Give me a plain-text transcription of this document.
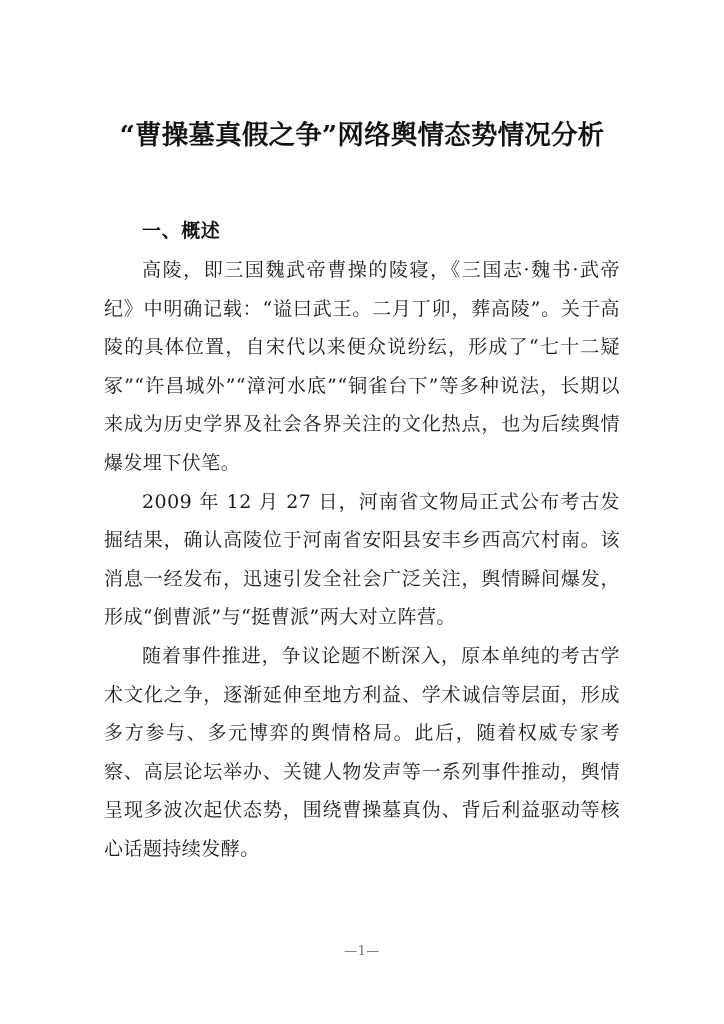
“曹操墓真假之争”网络舆情态势情况分析
一、概述

高陵，即三国魏武帝曹操的陵寝，《三国志·魏书·武帝纪》中明确记载：“谥曰武王。二月丁卯，葬高陵”。关于高陵的具体位置，自宋代以来便众说纷纭，形成了“七十二疑冢”“许昌城外”“漳河水底”“铜雀台下”等多种说法，长期以来成为历史学界及社会各界关注的文化热点，也为后续舆情爆发埋下伏笔。

2009 年 12 月 27 日，河南省文物局正式公布考古发掘结果，确认高陵位于河南省安阳县安丰乡西高穴村南。该消息一经发布，迅速引发全社会广泛关注，舆情瞬间爆发，形成“倒曹派”与“挺曹派”两大对立阵营。

随着事件推进，争议论题不断深入，原本单纯的考古学术文化之争，逐渐延伸至地方利益、学术诚信等层面，形成多方参与、多元博弈的舆情格局。此后，随着权威专家考察、高层论坛举办、关键人物发声等一系列事件推动，舆情呈现多波次起伏态势，围绕曹操墓真伪、背后利益驱动等核心话题持续发酵。

—1—
